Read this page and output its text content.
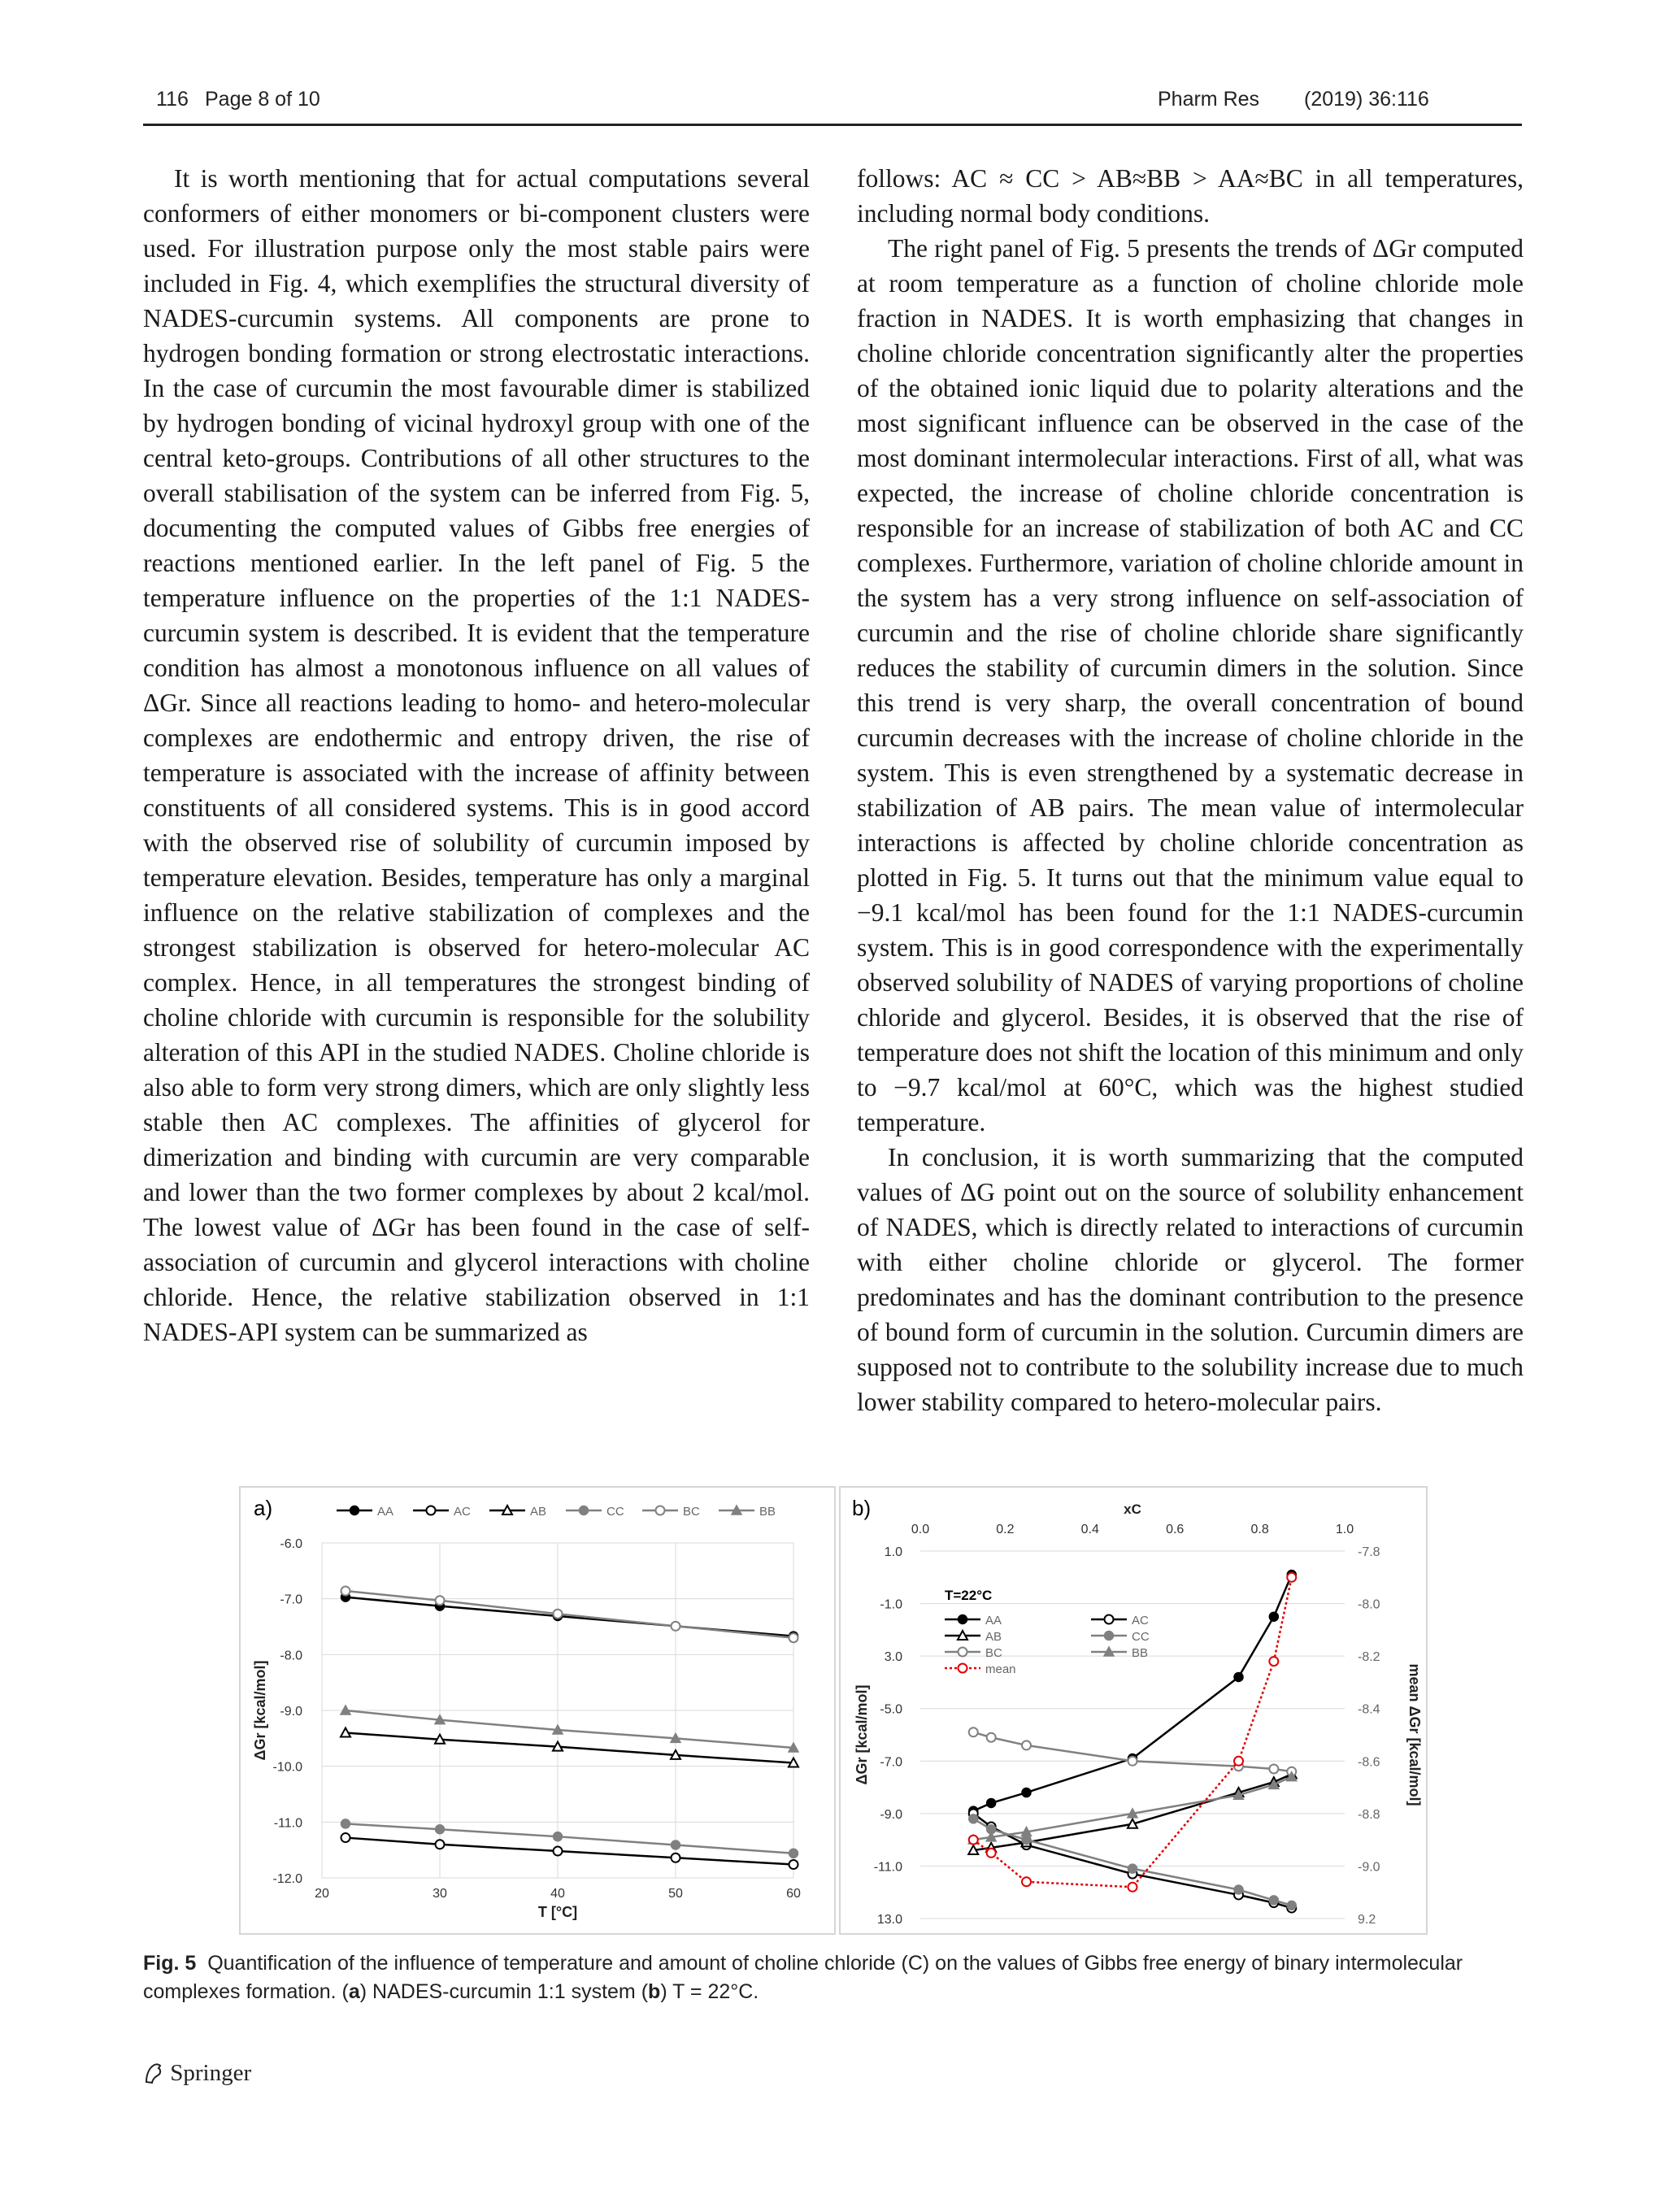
116 Page 8 of 10	Pharm Res (2019) 36:116

It is worth mentioning that for actual computations several conformers of either monomers or bi-component clusters were used. For illustration purpose only the most stable pairs were included in Fig. 4, which exemplifies the structural diversity of NADES-curcumin systems. All components are prone to hydrogen bonding formation or strong electrostatic interactions. In the case of curcumin the most favourable dimer is stabilized by hydrogen bonding of vicinal hydroxyl group with one of the central keto-groups. Contributions of all other structures to the overall stabilisation of the system can be inferred from Fig. 5, documenting the computed values of Gibbs free energies of reactions mentioned earlier. In the left panel of Fig. 5 the temperature influence on the properties of the 1:1 NADES-curcumin system is described. It is evident that the temperature condition has almost a monotonous influence on all values of ΔGr. Since all reactions leading to homo- and hetero-molecular complexes are endothermic and entropy driven, the rise of temperature is associated with the increase of affinity between constituents of all considered systems. This is in good accord with the observed rise of solubility of curcumin imposed by temperature elevation. Besides, temperature has only a marginal influence on the relative stabilization of complexes and the strongest stabilization is observed for hetero-molecular AC complex. Hence, in all temperatures the strongest binding of choline chloride with curcumin is responsible for the solubility alteration of this API in the studied NADES. Choline chloride is also able to form very strong dimers, which are only slightly less stable then AC complexes. The affinities of glycerol for dimerization and binding with curcumin are very comparable and lower than the two former complexes by about 2 kcal/mol. The lowest value of ΔGr has been found in the case of self-association of curcumin and glycerol interactions with choline chloride. Hence, the relative stabilization observed in 1:1 NADES-API system can be summarized as

follows: AC ≈ CC > AB≈BB > AA≈BC in all temperatures, including normal body conditions.

The right panel of Fig. 5 presents the trends of ΔGr computed at room temperature as a function of choline chloride mole fraction in NADES. It is worth emphasizing that changes in choline chloride concentration significantly alter the properties of the obtained ionic liquid due to polarity alterations and the most significant influence can be observed in the case of the most dominant intermolecular interactions. First of all, what was expected, the increase of choline chloride concentration is responsible for an increase of stabilization of both AC and CC complexes. Furthermore, variation of choline chloride amount in the system has a very strong influence on self-association of curcumin and the rise of choline chloride share significantly reduces the stability of curcumin dimers in the solution. Since this trend is very sharp, the overall concentration of bound curcumin decreases with the increase of choline chloride in the system. This is even strengthened by a systematic decrease in stabilization of AB pairs. The mean value of intermolecular interactions is affected by choline chloride concentration as plotted in Fig. 5. It turns out that the minimum value equal to −9.1 kcal/mol has been found for the 1:1 NADES-curcumin system. This is in good correspondence with the experimentally observed solubility of NADES of varying proportions of choline chloride and glycerol. Besides, it is observed that the rise of temperature does not shift the location of this minimum and only to −9.7 kcal/mol at 60°C, which was the highest studied temperature.

In conclusion, it is worth summarizing that the computed values of ΔG point out on the source of solubility enhancement of NADES, which is directly related to interactions of curcumin with either choline chloride or glycerol. The former predominates and has the dominant contribution to the presence of bound form of curcumin in the solution. Curcumin dimers are supposed not to contribute to the solubility increase due to much lower stability compared to hetero-molecular pairs.

a)
-6.0
-7.0
-8.0
-9.0
-10.0
-11.0
-12.0
20	30	40	50	60
T [°C]
ΔGr [kcal/mol]
AA	AC	AB	CC	BC	BB	b)
1.0	-7.8
-1.0	-8.0
3.0	-8.2
-5.0	-8.4
-7.0	-8.6
-9.0	-8.8
-11.0	-9.0
13.0	9.2
0.0	0.2	0.4	0.6	0.8	1.0
xC
ΔGr [kcal/mol]	mean ΔGr [kcal/mol]
T=22°C
AA	AC
AB	CC
BC	BB
mean
Fig. 5 Quantification of the influence of temperature and amount of choline chloride (C) on the values of Gibbs free energy of binary intermolecular complexes formation. (a) NADES-curcumin 1:1 system (b) T = 22°C.
Springer
